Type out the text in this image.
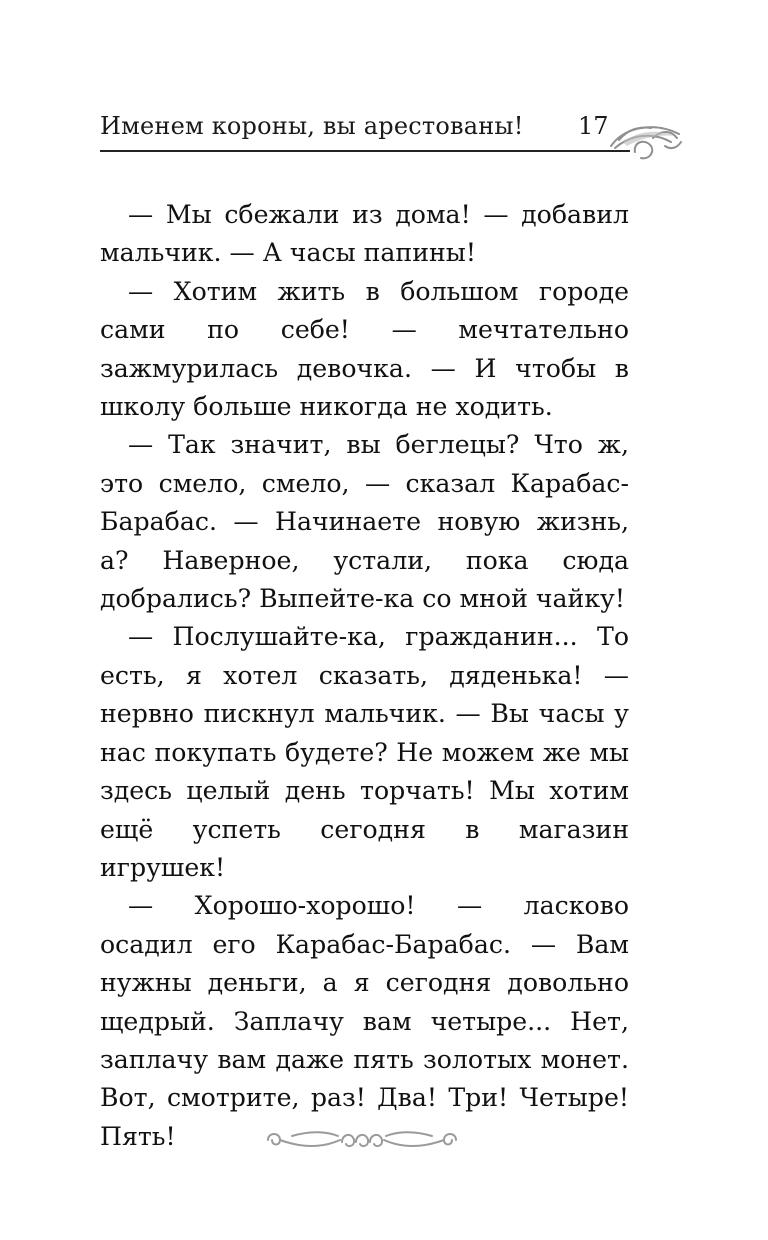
Именем короны, вы арестованы! 17

— Мы сбежали из дома! — добавил мальчик. — А часы папины!

— Хотим жить в большом городе сами по себе! — мечтательно зажмурилась девочка. — И чтобы в школу больше никогда не ходить.

— Так значит, вы беглецы? Что ж, это смело, смело, — сказал Карабас-Барабас. — Начинаете новую жизнь, а? Наверное, устали, пока сюда добрались? Выпейте-ка со мной чайку!

— Послушайте-ка, гражданин... То есть, я хотел сказать, дяденька! — нервно пискнул мальчик. — Вы часы у нас покупать будете? Не можем же мы здесь целый день торчать! Мы хотим ещё успеть сегодня в магазин игрушек!

— Хорошо-хорошо! — ласково осадил его Карабас-Барабас. — Вам нужны деньги, а я сегодня довольно щедрый. Заплачу вам четыре... Нет, заплачу вам даже пять золотых монет. Вот, смотрите, раз! Два! Три! Четыре! Пять!
